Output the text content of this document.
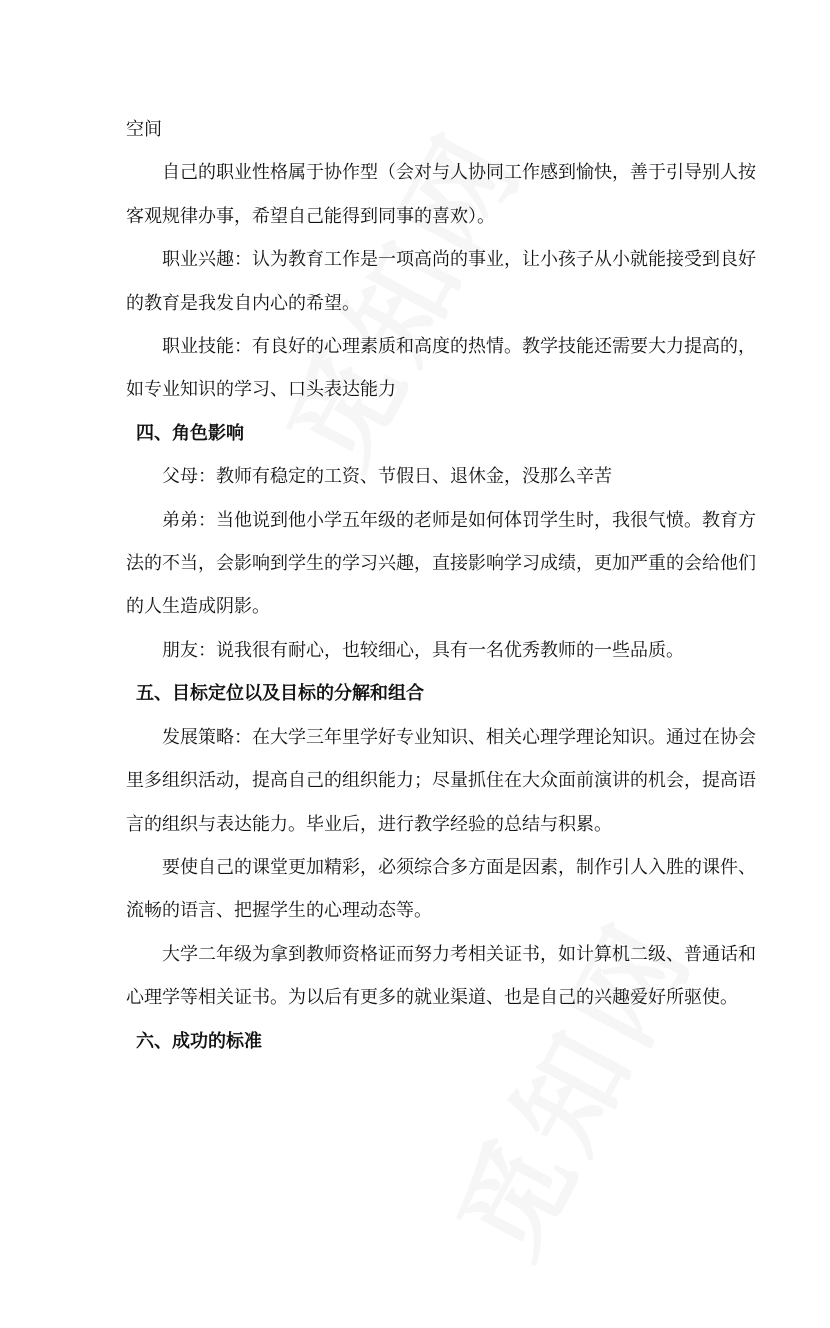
空间

自己的职业性格属于协作型（会对与人协同工作感到愉快，善于引导别人按

客观规律办事，希望自己能得到同事的喜欢）。

职业兴趣：认为教育工作是一项高尚的事业，让小孩子从小就能接受到良好

的教育是我发自内心的希望。

职业技能：有良好的心理素质和高度的热情。教学技能还需要大力提高的，

如专业知识的学习、口头表达能力

四、角色影响

父母：教师有稳定的工资、节假日、退休金，没那么辛苦

弟弟：当他说到他小学五年级的老师是如何体罚学生时，我很气愤。教育方

法的不当，会影响到学生的学习兴趣，直接影响学习成绩，更加严重的会给他们

的人生造成阴影。

朋友：说我很有耐心，也较细心，具有一名优秀教师的一些品质。

五、目标定位以及目标的分解和组合

发展策略：在大学三年里学好专业知识、相关心理学理论知识。通过在协会

里多组织活动，提高自己的组织能力；尽量抓住在大众面前演讲的机会，提高语

言的组织与表达能力。毕业后，进行教学经验的总结与积累。

要使自己的课堂更加精彩，必须综合多方面是因素，制作引人入胜的课件、

流畅的语言、把握学生的心理动态等。

大学二年级为拿到教师资格证而努力考相关证书，如计算机二级、普通话和

心理学等相关证书。为以后有更多的就业渠道、也是自己的兴趣爱好所驱使。

六、成功的标准
